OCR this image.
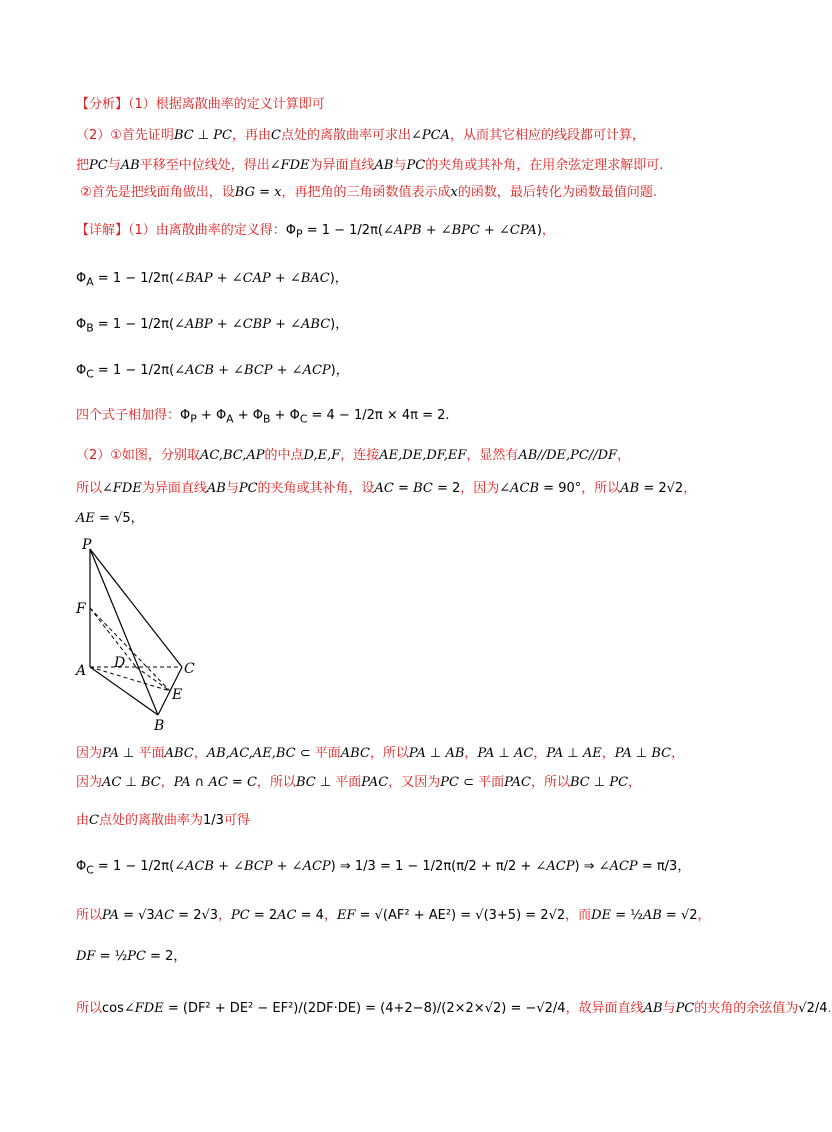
【分析】（1）根据离散曲率的定义计算即可
（2）①首先证明BC ⊥ PC，再由C点处的离散曲率可求出∠PCA，从而其它相应的线段都可计算，
把PC与AB平移至中位线处，得出∠FDE为异面直线AB与PC的夹角或其补角，在用余弦定理求解即可.
②首先是把线面角做出，设BG = x，再把角的三角函数值表示成x的函数，最后转化为函数最值问题.
【详解】（1）由离散曲率的定义得：$\Phi_P = 1$ − 1/2π(∠APB + ∠BPC + ∠CPA)，
$\Phi_A = 1$ − 1/2π(∠BAP + ∠CAP + ∠BAC)，
$\Phi_B = 1$ − 1/2π(∠ABP + ∠CBP + ∠ABC)，
$\Phi_C = 1$ − 1/2π(∠ACB + ∠BCP + ∠ACP)，
四个式子相加得：$\Phi_P + \Phi_A + \Phi_B + \Phi_C = 4 - 1/2\pi \times 4\pi = 2$.
（2）①如图，分别取AC,BC,AP的中点D,E,F，连接AE,DE,DF,EF，显然有AB//DE,PC//DF，
所以∠FDE为异面直线AB与PC的夹角或其补角，设AC = BC = 2，因为∠ACB = 90°，所以AB = 2√2，
AE = √5，
P
F
A D	C
E
B
因为PA ⊥ 平面ABC，AB,AC,AE,BC ⊂ 平面ABC，所以PA ⊥ AB，PA ⊥ AC，PA ⊥ AE，PA ⊥ BC，
因为AC ⊥ BC，PA ∩ AC = C，所以BC ⊥ 平面PAC，又因为PC ⊂ 平面PAC，所以BC ⊥ PC，
由C点处的离散曲率为1/3可得
$\Phi_C = 1$ − 1/2π(∠ACB + ∠BCP + ∠ACP) ⇒ 1/3 = 1 − 1/2π(π/2 + π/2 + ∠ACP) ⇒ ∠ACP = π/3，
所以PA = √3AC = 2√3，PC = 2AC = 4，EF = √(AF² + AE²) = √(3+5) = 2√2，而DE = ½AB = √2，
DF = ½PC = 2，
所以cos∠FDE = (DF² + DE² − EF²)/(2DF·DE) = (4+2−8)/(2×2×√2) = −√2/4，故异面直线AB与PC的夹角的余弦值为√2/4.
